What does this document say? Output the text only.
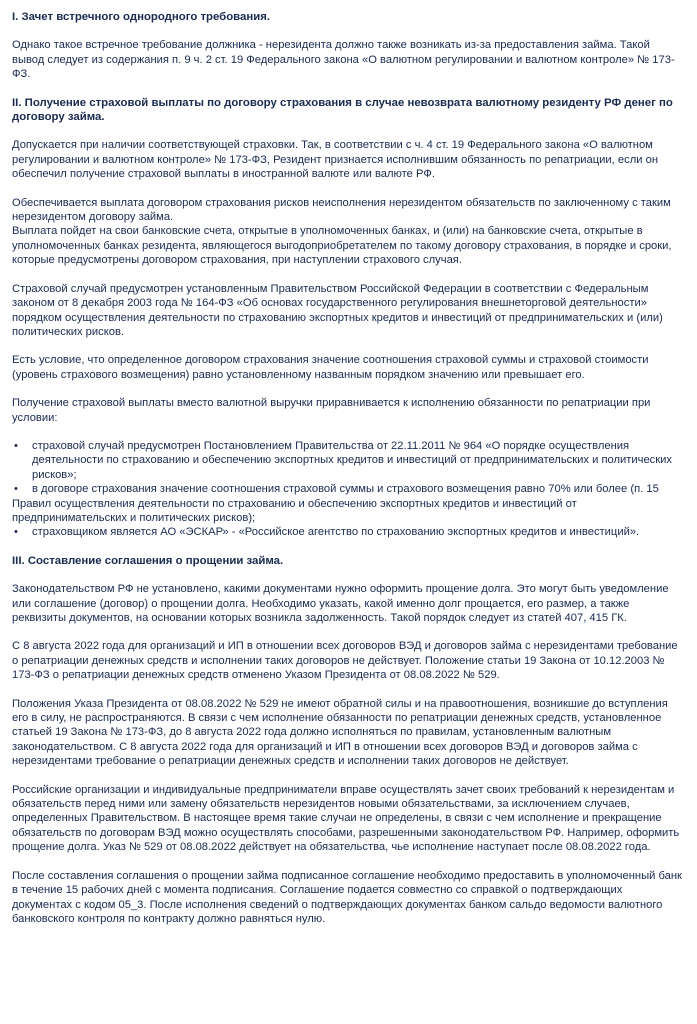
I. Зачет встречного однородного требования.

Однако такое встречное требование должника - нерезидента должно также возникать из-за предоставления займа. Такой вывод следует из содержания п. 9 ч. 2 ст. 19 Федерального закона «О валютном регулировании и валютном контроле» № 173-ФЗ.

II. Получение страховой выплаты по договору страхования в случае невозврата валютному резиденту РФ денег по договору займа.

Допускается при наличии соответствующей страховки. Так, в соответствии с ч. 4 ст. 19 Федерального закона «О валютном регулировании и валютном контроле» № 173-ФЗ, Резидент признается исполнившим обязанность по репатриации, если он обеспечил получение страховой выплаты в иностранной валюте или валюте РФ.

Обеспечивается выплата договором страхования рисков неисполнения нерезидентом обязательств по заключенному с таким нерезидентом договору займа.

Выплата пойдет на свои банковские счета, открытые в уполномоченных банках, и (или) на банковские счета, открытые в уполномоченных банках резидента, являющегося выгодоприобретателем по такому договору страхования, в порядке и сроки, которые предусмотрены договором страхования, при наступлении страхового случая.

Страховой случай предусмотрен установленным Правительством Российской Федерации в соответствии с Федеральным законом от 8 декабря 2003 года № 164-ФЗ «Об основах государственного регулирования внешнеторговой деятельности» порядком осуществления деятельности по страхованию экспортных кредитов и инвестиций от предпринимательских и (или) политических рисков.

Есть условие, что определенное договором страхования значение соотношения страховой суммы и страховой стоимости (уровень страхового возмещения) равно установленному названным порядком значению или превышает его.

Получение страховой выплаты вместо валютной выручки приравнивается к исполнению обязанности по репатриации при условии:

• страховой случай предусмотрен Постановлением Правительства от 22.11.2011 № 964 «О порядке осуществления деятельности по страхованию и обеспечению экспортных кредитов и инвестиций от предпринимательских и политических рисков»;
• в договоре страхования значение соотношения страховой суммы и страхового возмещения равно 70% или более (п. 15 Правил осуществления деятельности по страхованию и обеспечению экспортных кредитов и инвестиций от предпринимательских и политических рисков);
• страховщиком является АО «ЭСКАР» - «Российское агентство по страхованию экспортных кредитов и инвестиций».
III. Составление соглашения о прощении займа.

Законодательством РФ не установлено, какими документами нужно оформить прощение долга. Это могут быть уведомление или соглашение (договор) о прощении долга. Необходимо указать, какой именно долг прощается, его размер, а также реквизиты документов, на основании которых возникла задолженность. Такой порядок следует из статей 407, 415 ГК.

С 8 августа 2022 года для организаций и ИП в отношении всех договоров ВЭД и договоров займа с нерезидентами требование о репатриации денежных средств и исполнении таких договоров не действует. Положение статьи 19 Закона от 10.12.2003 № 173-ФЗ о репатриации денежных средств отменено Указом Президента от 08.08.2022 № 529.

Положения Указа Президента от 08.08.2022 № 529 не имеют обратной силы и на правоотношения, возникшие до вступления его в силу, не распространяются. В связи с чем исполнение обязанности по репатриации денежных средств, установленное статьей 19 Закона № 173-ФЗ, до 8 августа 2022 года должно исполняться по правилам, установленным валютным законодательством. С 8 августа 2022 года для организаций и ИП в отношении всех договоров ВЭД и договоров займа с нерезидентами требование о репатриации денежных средств и исполнении таких договоров не действует.

Российские организации и индивидуальные предприниматели вправе осуществлять зачет своих требований к нерезидентам и обязательств перед ними или замену обязательств нерезидентов новыми обязательствами, за исключением случаев, определенных Правительством. В настоящее время такие случаи не определены, в связи с чем исполнение и прекращение обязательств по договорам ВЭД можно осуществлять способами, разрешенными законодательством РФ. Например, оформить прощение долга. Указ № 529 от 08.08.2022 действует на обязательства, чье исполнение наступает после 08.08.2022 года.

После составления соглашения о прощении займа подписанное соглашение необходимо предоставить в уполномоченный банк в течение 15 рабочих дней с момента подписания. Соглашение подается совместно со справкой о подтверждающих документах с кодом 05_3. После исполнения сведений о подтверждающих документах банком сальдо ведомости валютного банковского контроля по контракту должно равняться нулю.
